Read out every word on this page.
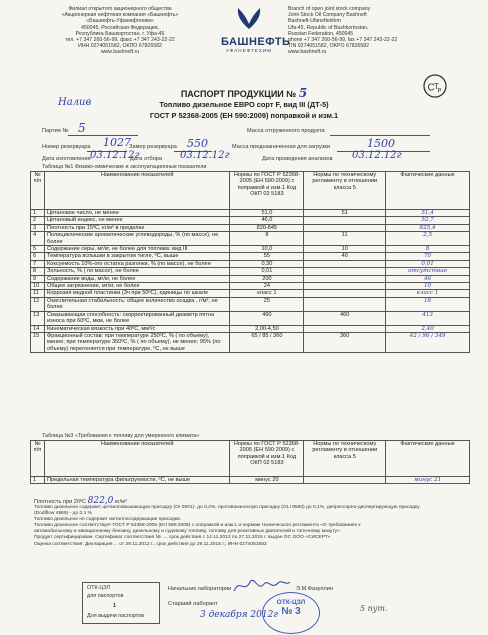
Филиал открытого акционерного общества
«Акционерная нефтяная компания «Башнефть»
«Башнефть-Уфанефтехим»
450045, Российская Федерация,
Республика Башкортостан, г. Уфа-45
тел. +7 347 260-56-99, факс +7 347 243-22-22
ИНН 0274051582, ОКПО 67826582
www.bashneft.ru
БАШНЕФТЬ
УФАНЕФТЕХИМ
Branch of open joint stock company
Joint Stock Oil Company Bashneft
Bashneft-Ufaneftekhim
Ufa-45, Republic of Bashkortostan,
Russian Federation, 450045
phone +7 347 260-56-99, fax +7 347 243-22-22
TIN 0274051582, OKPO 67826582
www.bashneft.ru
С Т
Р
ПАСПОРТ ПРОДУКЦИИ № 5
Налив	Топливо дизельное ЕВРО сорт F, вид III (ДТ-5)
ГОСТ Р 52368-2005 (ЕН 590:2009) поправкой и изм.1
Партия № 5	Масса отгруженного продукта
Номер резервуара 1027
Замер резервуара 550	Масса предназначенная для загрузки	1500
Дата изготовления 03.12.12г
Дата отбора 03.12.12г	Дата проведения анализов 03.12.12г
Таблица №1 Физико-химические и эксплуатационные показатели
№ п/п	Наименование показателей	Нормы по ГОСТ Р 52368-2005 (ЕН 590:2009) с поправкой и изм.1 Код ОКП 02 5183	Нормы по техническому регламенту в отношении класса 5	Фактические данные
1	Цетановое число, не менее	51,0	51	51,4
2	Цетановый индекс, не менее	46,0		52,7
3	Плотность при 15ºС, кг/м³ в пределах	820-845		825,4
4	Полициклические ароматические углеводороды, % (по массе), не более	8	11	2,5
5	Содержание серы, мг/кг, не более для топлива: вид III	10,0	10	8
6	Температура вспышки в закрытом тигле, ºС, выше	55	40	70
7	Коксуемость 10%-ого остатка разгонки, % (по массе), не более	0,30		0,01
8	Зольность, % ( по массе), не более	0,01		отсутствие
9	Содержание воды, мг/кг, не более	200		46
10	Общее загрязнение, мг/кг, не более	24		10
11	Коррозия медной пластинки (3ч при 50ºС), единицы по шкале	класс 1		класс 1
12	Окислительная стабильность: общее количество осадка , г/м³, не более	25		18
13	Смазывающая способность: скорректированный диаметр пятна износа при 60ºС, мкм, не более	460	460	413
14	Кинематическая вязкость при 40ºС, мм²/с	2,00-4,50		2,40
15	Фракционный состав: при температуре 250ºС, % ( по объему), менее; при температуре 350ºС, % ( по объему), не менее; 95% (по объему) перегоняется при температуре, ºС, не выше	65 / 85 / 360	360	42 / 96 / 349
Таблица №3 «Требования к топливу для умеренного климата»
№ п/п	Наименование показателей	Нормы по ГОСТ Р 52368-2005 (ЕН 590:2009) с поправкой и изм.1 Код ОКП 02 5183	Нормы по техническому регламенту в отношении класса 5	Фактические данные
1	Предельная температура фильтруемости, ºС, не выше	минус 20		минус 21
Плотность при 20ºС 822,0 кг/м³
Топливо дизельное содержит цетаноповышающую присадку (OI 0801)- до 0,2%, противоизносную присадку (OLI 9550) до 0,1%, депрессорно-диспергирующую присадку
(Dodiflow 4969) - до 0,1 %
Топливо дизельное не содержит металлосодержащие присадки.
Топливо дизельное соответствует ГОСТ Р 52368-2005 (ЕН 590:2009) с поправкой и изм.1 и нормам технического регламента «О требованиях к
автомобильному и авиационному бензину, дизельному и судовому топливу, топливу для реактивных двигателей и топочному мазуту»
Продукт сертифицирован. Сертификат соответствия № ..., срок действия с 14.11.2012 по 27.11.2015 г. выдан ОС ООО «СИСЕРТ»
Оценка соответствия: Декларация ... от 29.11.2012 г., срок действия до 29.11.2015 г.; ИНН 0274051582
ОТК-ЦЗЛ
для паспортов
1
Для выдачи паспортов
Начальник лаборатории	Э.М.Фазуллин
Старший лаборант
3 декабря 2012г
ОТК-ЦЗЛ
№ 3	5 пут.
